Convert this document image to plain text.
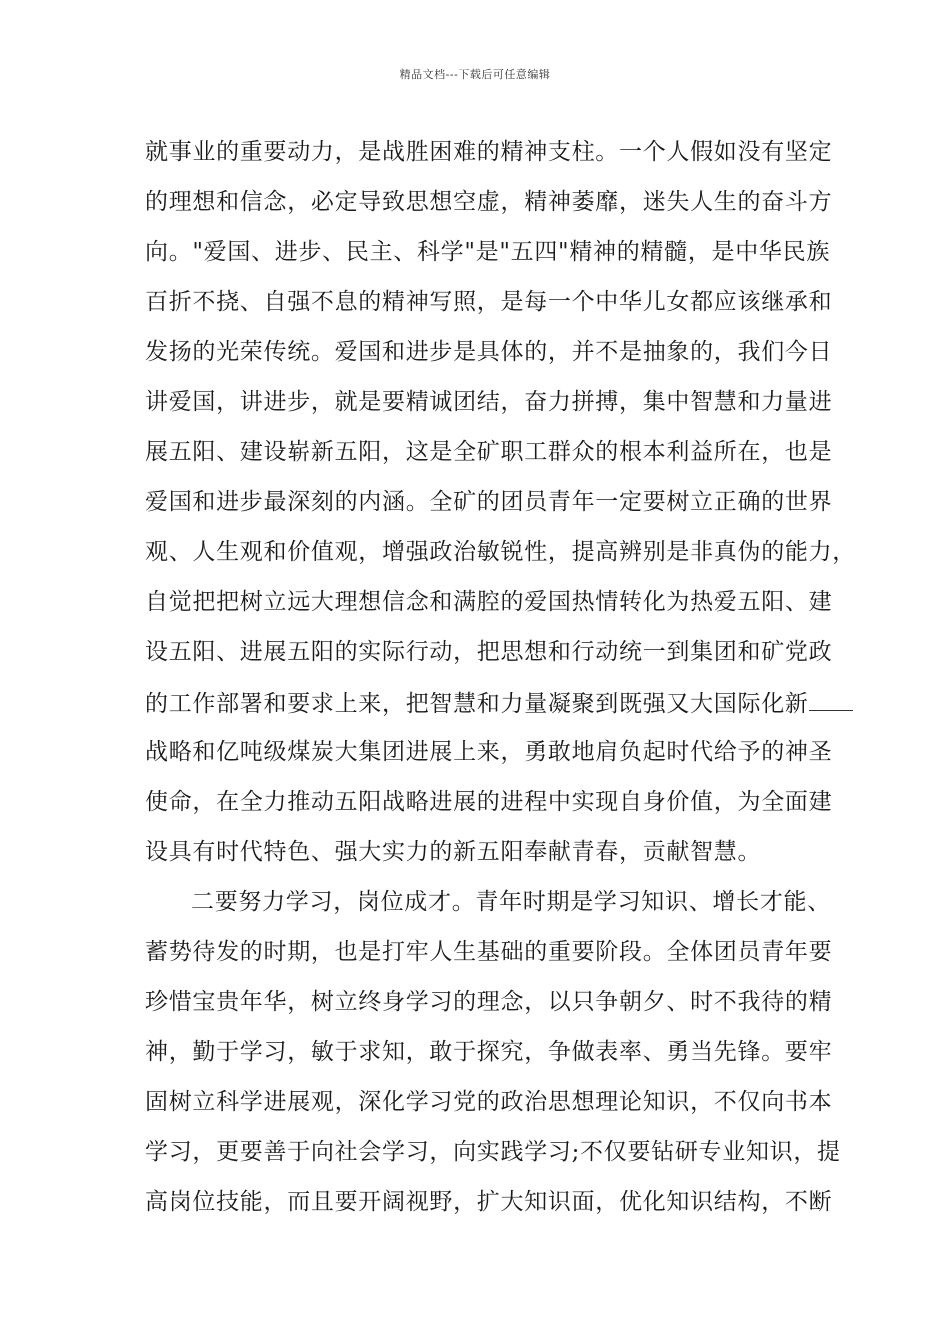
精品文档---下载后可任意编辑
就事业的重要动力，是战胜困难的精神支柱。一个人假如没有坚定
的理想和信念，必定导致思想空虚，精神萎靡，迷失人生的奋斗方
向。"爱国、进步、民主、科学"是"五四"精神的精髓，是中华民族
百折不挠、自强不息的精神写照，是每一个中华儿女都应该继承和
发扬的光荣传统。爱国和进步是具体的，并不是抽象的，我们今日
讲爱国，讲进步，就是要精诚团结，奋力拼搏，集中智慧和力量进
展五阳、建设崭新五阳，这是全矿职工群众的根本利益所在，也是
爱国和进步最深刻的内涵。全矿的团员青年一定要树立正确的世界
观、人生观和价值观，增强政治敏锐性，提高辨别是非真伪的能力，
自觉把把树立远大理想信念和满腔的爱国热情转化为热爱五阳、建
设五阳、进展五阳的实际行动，把思想和行动统一到集团和矿党政
的工作部署和要求上来，把智慧和力量凝聚到既强又大国际化新
战略和亿吨级煤炭大集团进展上来，勇敢地肩负起时代给予的神圣
使命，在全力推动五阳战略进展的进程中实现自身价值，为全面建
设具有时代特色、强大实力的新五阳奉献青春，贡献智慧。
二要努力学习，岗位成才。青年时期是学习知识、增长才能、
蓄势待发的时期，也是打牢人生基础的重要阶段。全体团员青年要
珍惜宝贵年华，树立终身学习的理念，以只争朝夕、时不我待的精
神，勤于学习，敏于求知，敢于探究，争做表率、勇当先锋。要牢
固树立科学进展观，深化学习党的政治思想理论知识，不仅向书本
学习，更要善于向社会学习，向实践学习;不仅要钻研专业知识，提
高岗位技能，而且要开阔视野，扩大知识面，优化知识结构，不断
